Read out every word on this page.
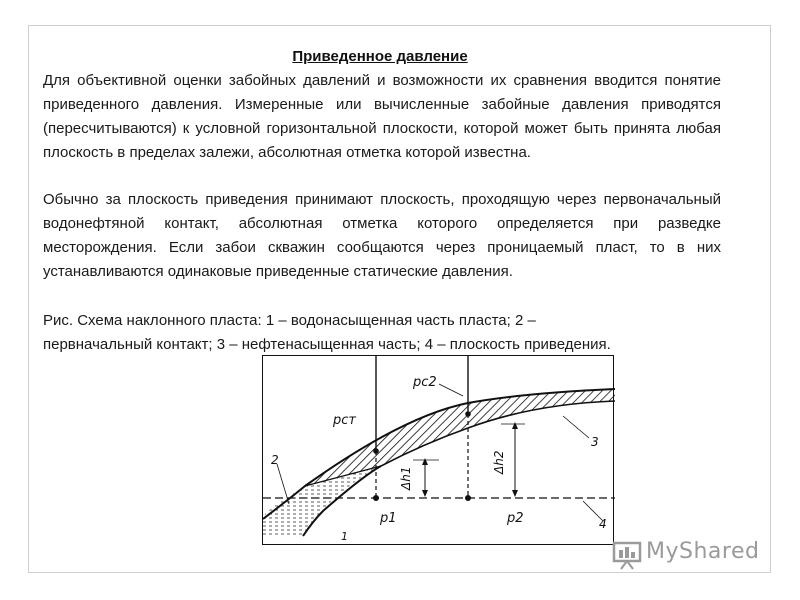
Приведенное давление
Для объективной оценки забойных давлений и возможности их сравнения вводится понятие приведенного давления. Измеренные или вычисленные забойные давления приводятся (пересчитываются) к условной горизонтальной плоскости, которой может быть принята любая плоскость в пределах залежи, абсолютная отметка которой известна.
Обычно за плоскость приведения принимают плоскость, проходящую через первоначальный водонефтяной контакт, абсолютная отметка которого определяется при разведке месторождения. Если забои скважин сообщаются через проницаемый пласт, то в них устанавливаются одинаковые приведенные статические давления.
Рис. Схема наклонного пласта: 1 – водонасыщенная часть пласта; 2 – первначальный контакт; 3 – нефтенасыщенная часть; 4 – плоскость приведения.
pст
pс2
p1	p2
Δh1
Δh2
1
2
3
4
MyShared
